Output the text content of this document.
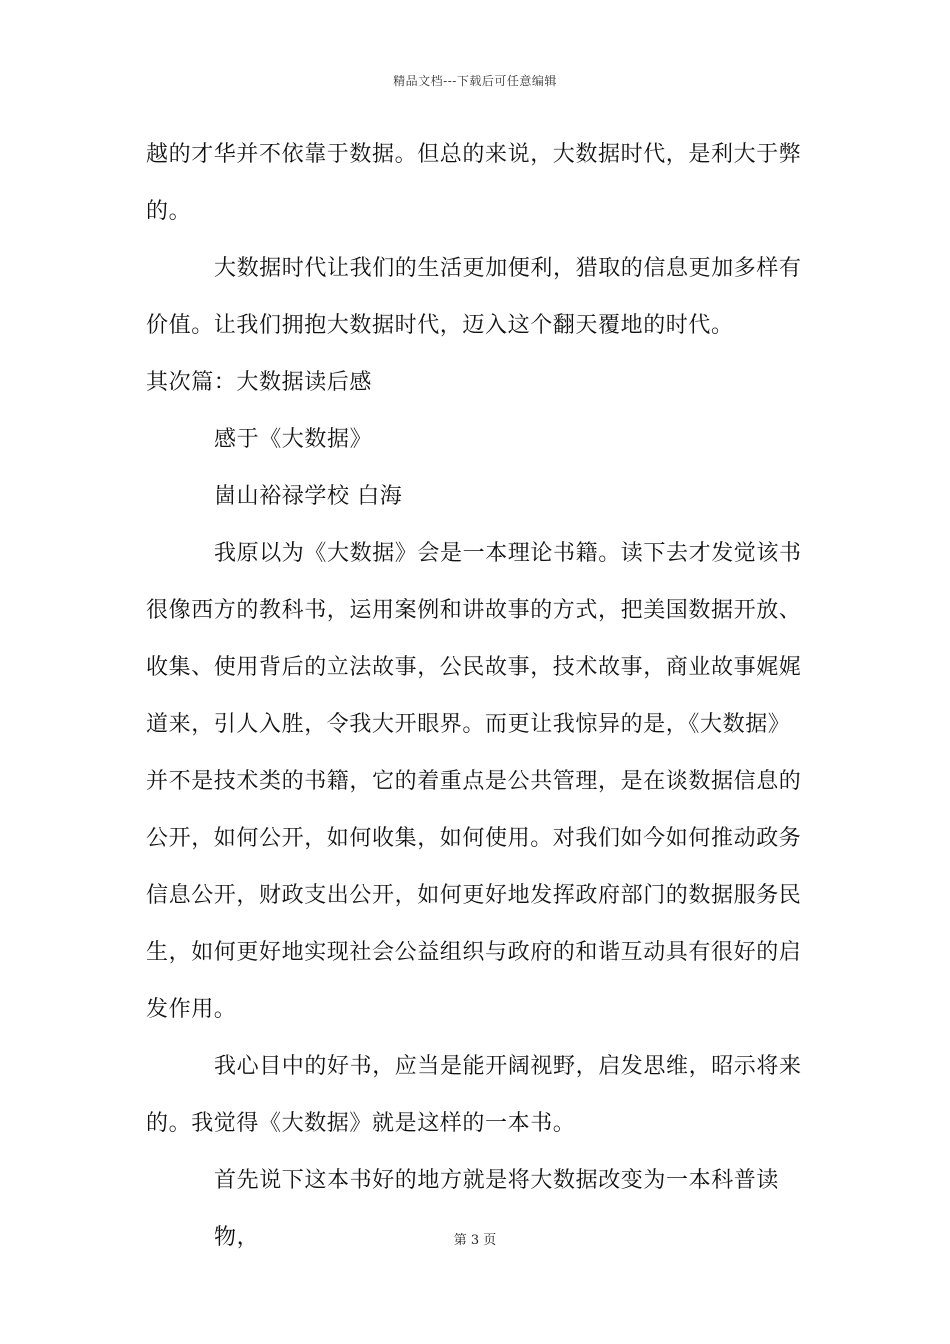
精品文档---下载后可任意编辑

越的才华并不依靠于数据。但总的来说，大数据时代，是利大于弊

的。

大数据时代让我们的生活更加便利，猎取的信息更加多样有

价值。让我们拥抱大数据时代，迈入这个翻天覆地的时代。

其次篇：大数据读后感

感于《大数据》

崮山裕禄学校 白海

我原以为《大数据》会是一本理论书籍。读下去才发觉该书

很像西方的教科书，运用案例和讲故事的方式，把美国数据开放、

收集、使用背后的立法故事，公民故事，技术故事，商业故事娓娓

道来，引人入胜，令我大开眼界。而更让我惊异的是，《大数据》

并不是技术类的书籍，它的着重点是公共管理，是在谈数据信息的

公开，如何公开，如何收集，如何使用。对我们如今如何推动政务

信息公开，财政支出公开，如何更好地发挥政府部门的数据服务民

生，如何更好地实现社会公益组织与政府的和谐互动具有很好的启

发作用。

我心目中的好书，应当是能开阔视野，启发思维，昭示将来

的。我觉得《大数据》就是这样的一本书。

首先说下这本书好的地方就是将大数据改变为一本科普读物，	第 3 页
